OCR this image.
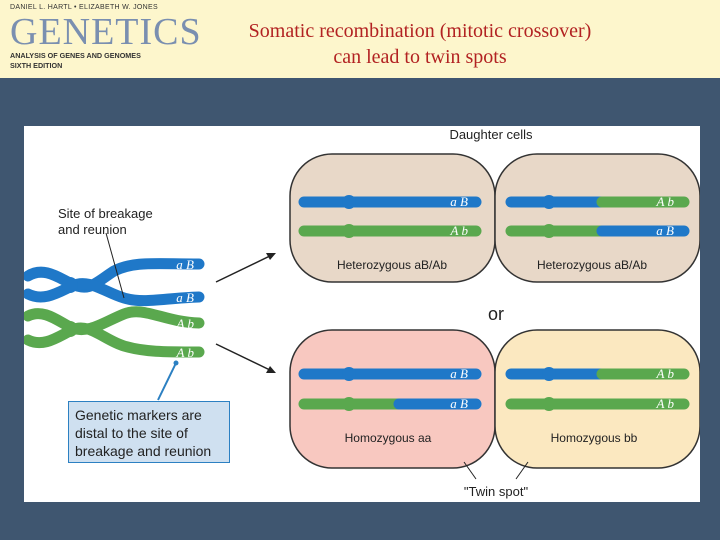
DANIEL L. HARTL • ELIZABETH W. JONES
GENETICS
ANALYSIS OF GENES AND GENOMES
SIXTH EDITION
Somatic recombination (mitotic crossover)
can lead to twin spots
a B
a B
A b
A b
Site of breakage
and reunion
Daughter cells
a B
A b
Heterozygous aB/Ab
A b
a B
Heterozygous aB/Ab
or
a B
a B
Homozygous aa
A b
A b
Homozygous bb
"Twin spot"
Genetic markers are
distal to the site of
breakage and reunion
